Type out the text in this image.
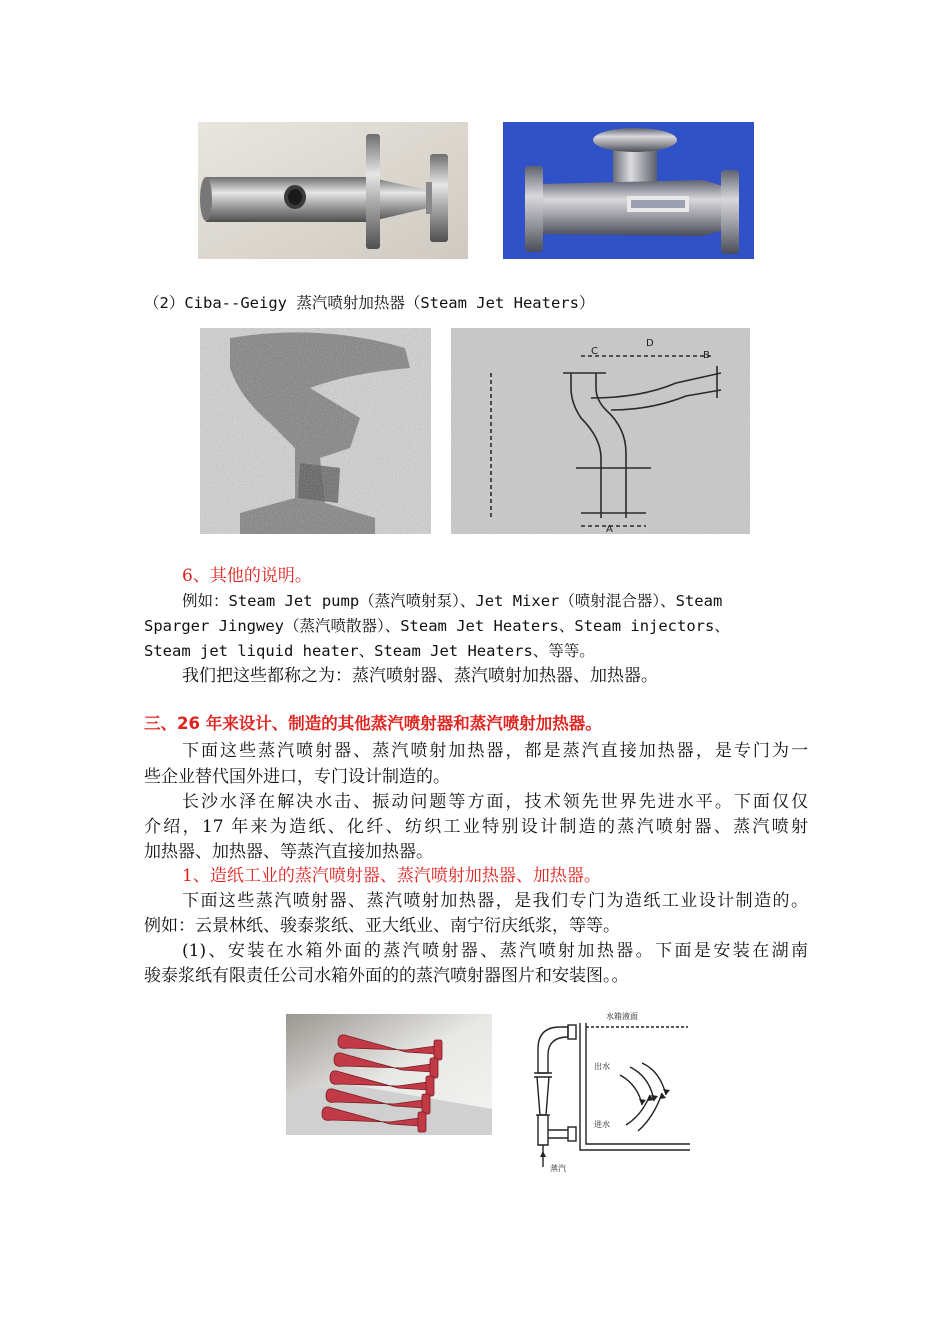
（2）Ciba--Geigy 蒸汽喷射加热器（Steam Jet Heaters）
C
D
B
A
6、其他的说明。
例如：Steam Jet pump（蒸汽喷射泵）、Jet Mixer（喷射混合器）、Steam
Sparger Jingwey（蒸汽喷散器）、Steam Jet Heaters、Steam injectors、
Steam jet liquid heater、Steam Jet Heaters、等等。
我们把这些都称之为：蒸汽喷射器、蒸汽喷射加热器、加热器。
三、26 年来设计、制造的其他蒸汽喷射器和蒸汽喷射加热器。
下面这些蒸汽喷射器、蒸汽喷射加热器，都是蒸汽直接加热器，是专门为一
些企业替代国外进口，专门设计制造的。
长沙水泽在解决水击、振动问题等方面，技术领先世界先进水平。下面仅仅
介绍，17 年来为造纸、化纤、纺织工业特别设计制造的蒸汽喷射器、蒸汽喷射
加热器、加热器、等蒸汽直接加热器。
1、造纸工业的蒸汽喷射器、蒸汽喷射加热器、加热器。
下面这些蒸汽喷射器、蒸汽喷射加热器，是我们专门为造纸工业设计制造的。
例如：云景林纸、骏泰浆纸、亚大纸业、南宁衍庆纸浆，等等。
(1)、安装在水箱外面的蒸汽喷射器、蒸汽喷射加热器。下面是安装在湖南
骏泰浆纸有限责任公司水箱外面的的蒸汽喷射器图片和安装图。。
水箱液面
出水
进水
蒸汽
